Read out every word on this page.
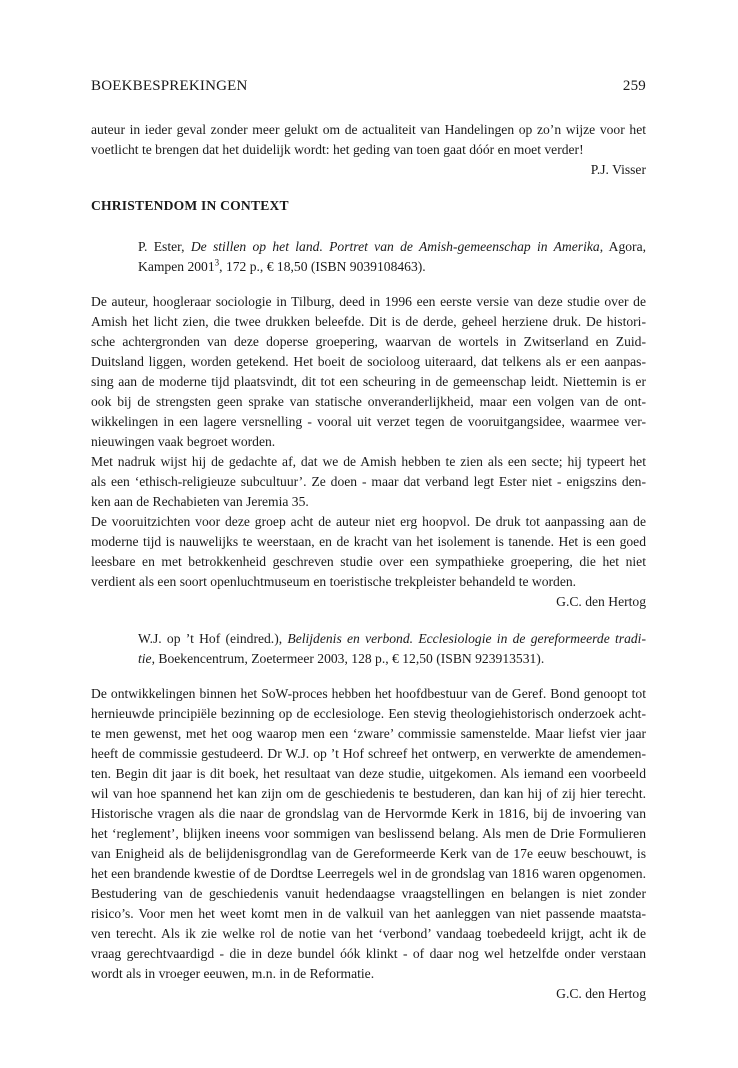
BOEKBESPREKINGEN	259
auteur in ieder geval zonder meer gelukt om de actualiteit van Handelingen op zo’n wijze voor het
voetlicht te brengen dat het duidelijk wordt: het geding van toen gaat dóór en moet verder!
P.J. Visser
CHRISTENDOM IN CONTEXT
P. Ester, De stillen op het land. Portret van de Amish-gemeenschap in Amerika, Agora,
Kampen 2001$^3$, 172 p., € 18,50 (ISBN 9039108463).
De auteur, hoogleraar sociologie in Tilburg, deed in 1996 een eerste versie van deze studie over de
Amish het licht zien, die twee drukken beleefde. Dit is de derde, geheel herziene druk. De histori-
sche achtergronden van deze doperse groepering, waarvan de wortels in Zwitserland en Zuid-
Duitsland liggen, worden getekend. Het boeit de socioloog uiteraard, dat telkens als er een aanpas-
sing aan de moderne tijd plaatsvindt, dit tot een scheuring in de gemeenschap leidt. Niettemin is er
ook bij de strengsten geen sprake van statische onveranderlijkheid, maar een volgen van de ont-
wikkelingen in een lagere versnelling - vooral uit verzet tegen de vooruitgangsidee, waarmee ver-
nieuwingen vaak begroet worden.
Met nadruk wijst hij de gedachte af, dat we de Amish hebben te zien als een secte; hij typeert het
als een ‘ethisch-religieuze subcultuur’. Ze doen - maar dat verband legt Ester niet - enigszins den-
ken aan de Rechabieten van Jeremia 35.
De vooruitzichten voor deze groep acht de auteur niet erg hoopvol. De druk tot aanpassing aan de
moderne tijd is nauwelijks te weerstaan, en de kracht van het isolement is tanende. Het is een goed
leesbare en met betrokkenheid geschreven studie over een sympathieke groepering, die het niet
verdient als een soort openluchtmuseum en toeristische trekpleister behandeld te worden.
G.C. den Hertog
W.J. op ’t Hof (eindred.), Belijdenis en verbond. Ecclesiologie in de gereformeerde tradi-
tie, Boekencentrum, Zoetermeer 2003, 128 p., € 12,50 (ISBN 923913531).
De ontwikkelingen binnen het SoW-proces hebben het hoofdbestuur van de Geref. Bond genoopt tot
hernieuwde principiële bezinning op de ecclesiologe. Een stevig theologiehistorisch onderzoek acht-
te men gewenst, met het oog waarop men een ‘zware’ commissie samenstelde. Maar liefst vier jaar
heeft de commissie gestudeerd. Dr W.J. op ’t Hof schreef het ontwerp, en verwerkte de amendemen-
ten. Begin dit jaar is dit boek, het resultaat van deze studie, uitgekomen. Als iemand een voorbeeld
wil van hoe spannend het kan zijn om de geschiedenis te bestuderen, dan kan hij of zij hier terecht.
Historische vragen als die naar de grondslag van de Hervormde Kerk in 1816, bij de invoering van
het ‘reglement’, blijken ineens voor sommigen van beslissend belang. Als men de Drie Formulieren
van Enigheid als de belijdenisgrondlag van de Gereformeerde Kerk van de 17e eeuw beschouwt, is
het een brandende kwestie of de Dordtse Leerregels wel in de grondslag van 1816 waren opgenomen.
Bestudering van de geschiedenis vanuit hedendaagse vraagstellingen en belangen is niet zonder
risico’s. Voor men het weet komt men in de valkuil van het aanleggen van niet passende maatsta-
ven terecht. Als ik zie welke rol de notie van het ‘verbond’ vandaag toebedeeld krijgt, acht ik de
vraag gerechtvaardigd - die in deze bundel óók klinkt - of daar nog wel hetzelfde onder verstaan
wordt als in vroeger eeuwen, m.n. in de Reformatie.
G.C. den Hertog
